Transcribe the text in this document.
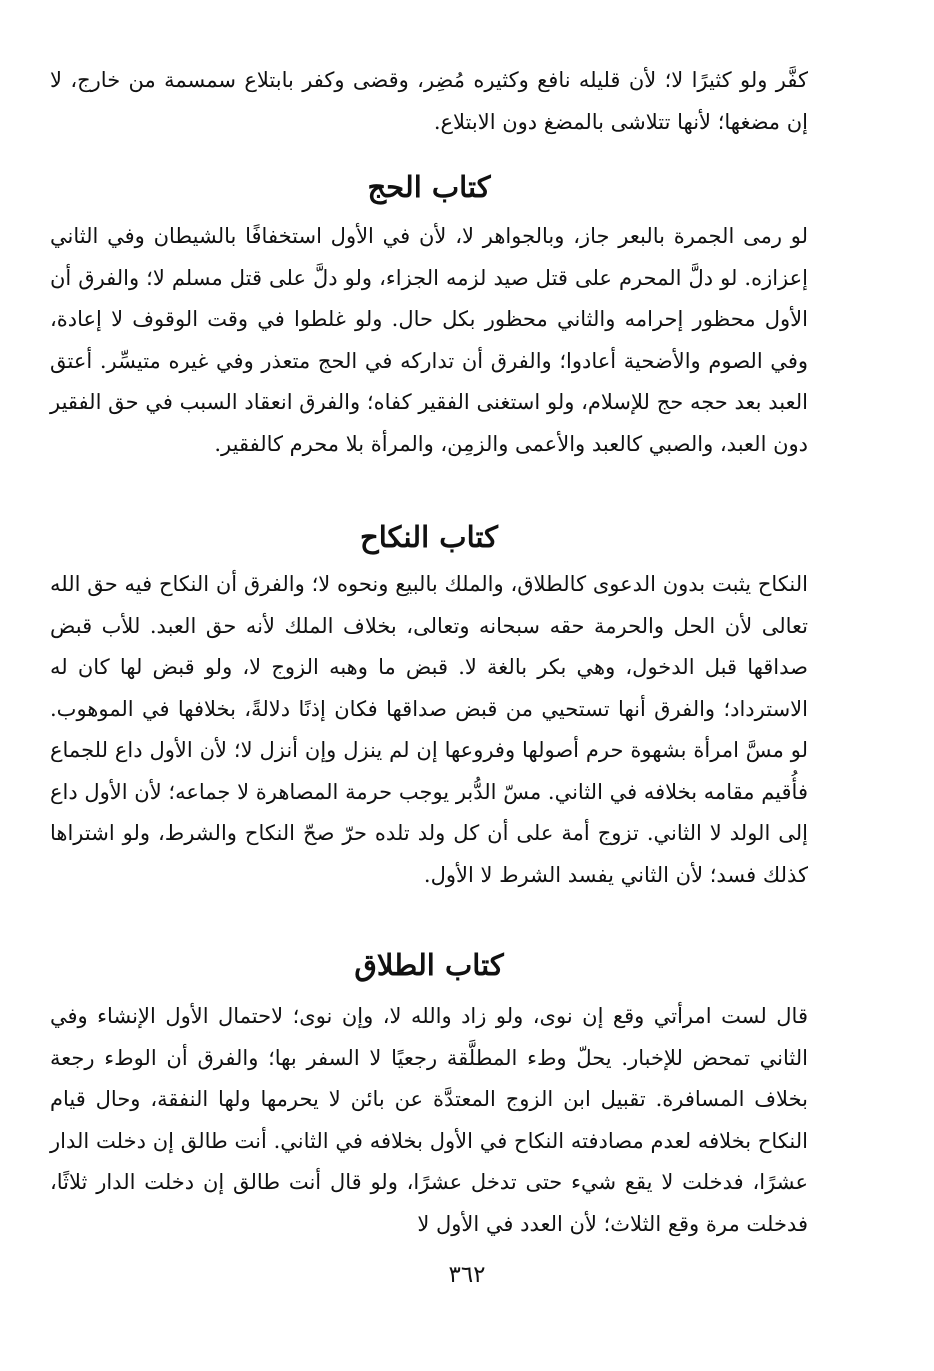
كفَّر ولو كثيرًا لا؛ لأن قليله نافع وكثيره مُضِر، وقضى وكفر بابتلاع سمسمة من خارج، لا إن مضغها؛ لأنها تتلاشى بالمضغ دون الابتلاع.

كتاب الحج

لو رمى الجمرة بالبعر جاز، وبالجواهر لا، لأن في الأول استخفافًا بالشيطان وفي الثاني إعزازه. لو دلَّ المحرم على قتل صيد لزمه الجزاء، ولو دلَّ على قتل مسلم لا؛ والفرق أن الأول محظور إحرامه والثاني محظور بكل حال. ولو غلطوا في وقت الوقوف لا إعادة، وفي الصوم والأضحية أعادوا؛ والفرق أن تداركه في الحج متعذر وفي غيره متيسِّر. أعتق العبد بعد حجه حج للإسلام، ولو استغنى الفقير كفاه؛ والفرق انعقاد السبب في حق الفقير دون العبد، والصبي كالعبد والأعمى والزمِن، والمرأة بلا محرم كالفقير.

كتاب النكاح

النكاح يثبت بدون الدعوى كالطلاق، والملك بالبيع ونحوه لا؛ والفرق أن النكاح فيه حق الله تعالى لأن الحل والحرمة حقه سبحانه وتعالى، بخلاف الملك لأنه حق العبد. للأب قبض صداقها قبل الدخول، وهي بكر بالغة لا. قبض ما وهبه الزوج لا، ولو قبض لها كان له الاسترداد؛ والفرق أنها تستحيي من قبض صداقها فكان إذنًا دلالةً، بخلافها في الموهوب. لو مسَّ امرأة بشهوة حرم أصولها وفروعها إن لم ينزل وإن أنزل لا؛ لأن الأول داع للجماع فأُقيم مقامه بخلافه في الثاني. مسّ الدُّبر يوجب حرمة المصاهرة لا جماعه؛ لأن الأول داع إلى الولد لا الثاني. تزوج أمة على أن كل ولد تلده حرّ صحّ النكاح والشرط، ولو اشتراها كذلك فسد؛ لأن الثاني يفسد الشرط لا الأول.

كتاب الطلاق

قال لست امرأتي وقع إن نوى، ولو زاد والله لا، وإن نوى؛ لاحتمال الأول الإنشاء وفي الثاني تمحض للإخبار. يحلّ وطء المطلَّقة رجعيًا لا السفر بها؛ والفرق أن الوطء رجعة بخلاف المسافرة. تقبيل ابن الزوج المعتدَّة عن بائن لا يحرمها ولها النفقة، وحال قيام النكاح بخلافه لعدم مصادفته النكاح في الأول بخلافه في الثاني. أنت طالق إن دخلت الدار عشرًا، فدخلت لا يقع شيء حتى تدخل عشرًا، ولو قال أنت طالق إن دخلت الدار ثلاثًا، فدخلت مرة وقع الثلاث؛ لأن العدد في الأول لا

٣٦٢
